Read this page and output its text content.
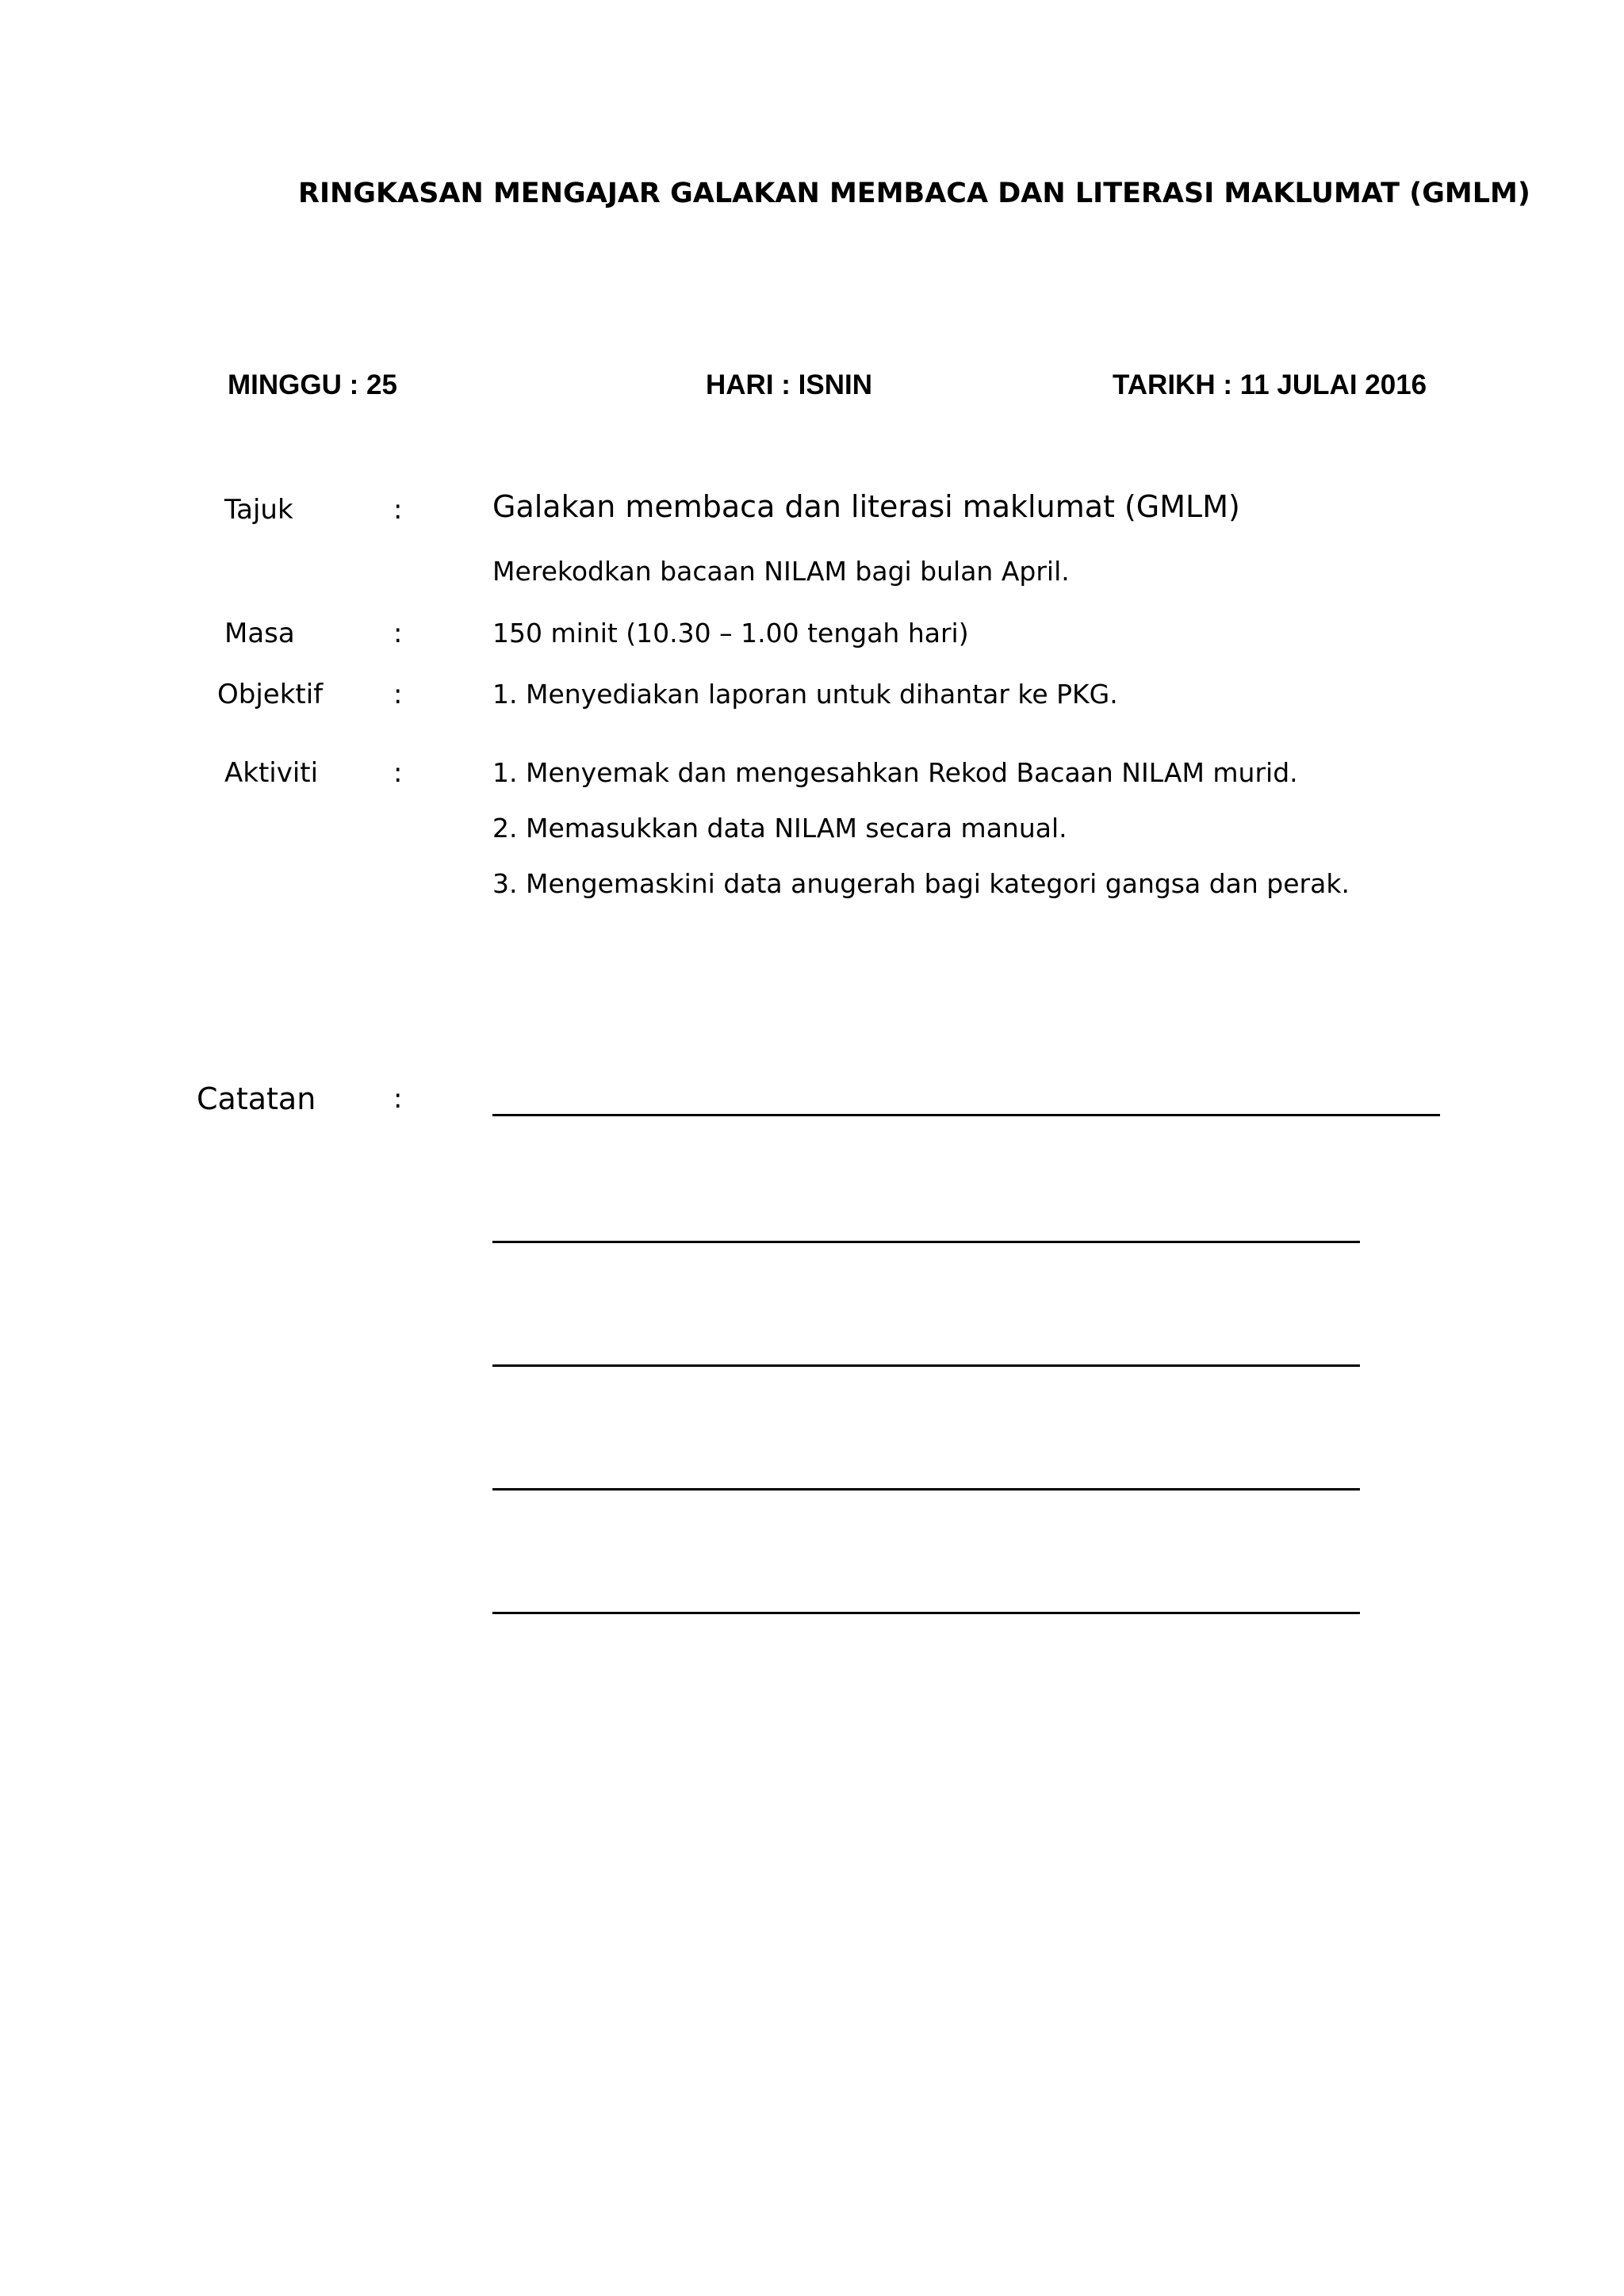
RINGKASAN MENGAJAR GALAKAN MEMBACA DAN LITERASI MAKLUMAT (GMLM)
MINGGU : 25	HARI : ISNIN	TARIKH : 11 JULAI 2016
Tajuk	:	Galakan membaca dan literasi maklumat (GMLM)
Merekodkan bacaan NILAM bagi bulan April.
Masa	:	150 minit (10.30 – 1.00 tengah hari)
Objektif	:	1. Menyediakan laporan untuk dihantar ke PKG.
Aktiviti	:	1. Menyemak dan mengesahkan Rekod Bacaan NILAM murid.
2. Memasukkan data NILAM secara manual.
3. Mengemaskini data anugerah bagi kategori gangsa dan perak.
Catatan	:
